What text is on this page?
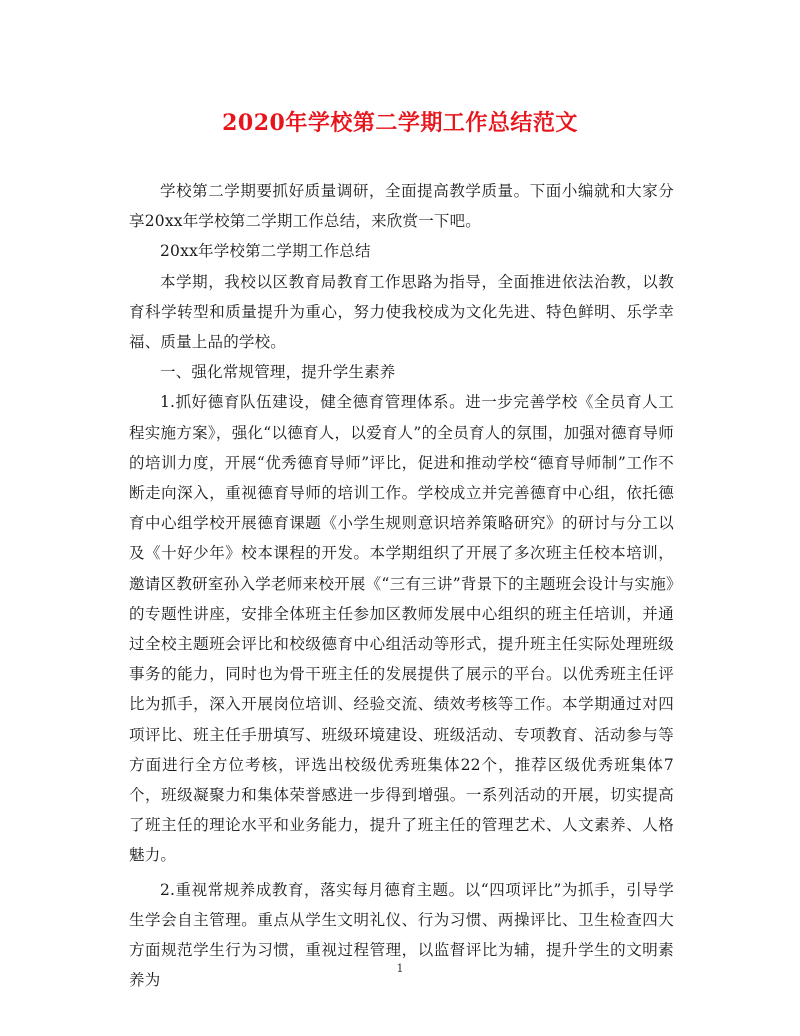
2020年学校第二学期工作总结范文

学校第二学期要抓好质量调研，全面提高教学质量。下面小编就和大家分享20xx年学校第二学期工作总结，来欣赏一下吧。

20xx年学校第二学期工作总结

本学期，我校以区教育局教育工作思路为指导，全面推进依法治教，以教育科学转型和质量提升为重心，努力使我校成为文化先进、特色鲜明、乐学幸福、质量上品的学校。

一、强化常规管理，提升学生素养

1.抓好德育队伍建设，健全德育管理体系。进一步完善学校《全员育人工程实施方案》，强化“以德育人，以爱育人”的全员育人的氛围，加强对德育导师的培训力度，开展“优秀德育导师”评比，促进和推动学校“德育导师制”工作不断走向深入，重视德育导师的培训工作。学校成立并完善德育中心组，依托德育中心组学校开展德育课题《小学生规则意识培养策略研究》的研讨与分工以及《十好少年》校本课程的开发。本学期组织了开展了多次班主任校本培训，邀请区教研室孙入学老师来校开展《“三有三讲”背景下的主题班会设计与实施》的专题性讲座，安排全体班主任参加区教师发展中心组织的班主任培训，并通过全校主题班会评比和校级德育中心组活动等形式，提升班主任实际处理班级事务的能力，同时也为骨干班主任的发展提供了展示的平台。以优秀班主任评比为抓手，深入开展岗位培训、经验交流、绩效考核等工作。本学期通过对四项评比、班主任手册填写、班级环境建设、班级活动、专项教育、活动参与等方面进行全方位考核，评选出校级优秀班集体22个，推荐区级优秀班集体7个，班级凝聚力和集体荣誉感进一步得到增强。一系列活动的开展，切实提高了班主任的理论水平和业务能力，提升了班主任的管理艺术、人文素养、人格魅力。

2.重视常规养成教育，落实每月德育主题。以“四项评比”为抓手，引导学生学会自主管理。重点从学生文明礼仪、行为习惯、两操评比、卫生检查四大方面规范学生行为习惯，重视过程管理，以监督评比为辅，提升学生的文明素养为

1
